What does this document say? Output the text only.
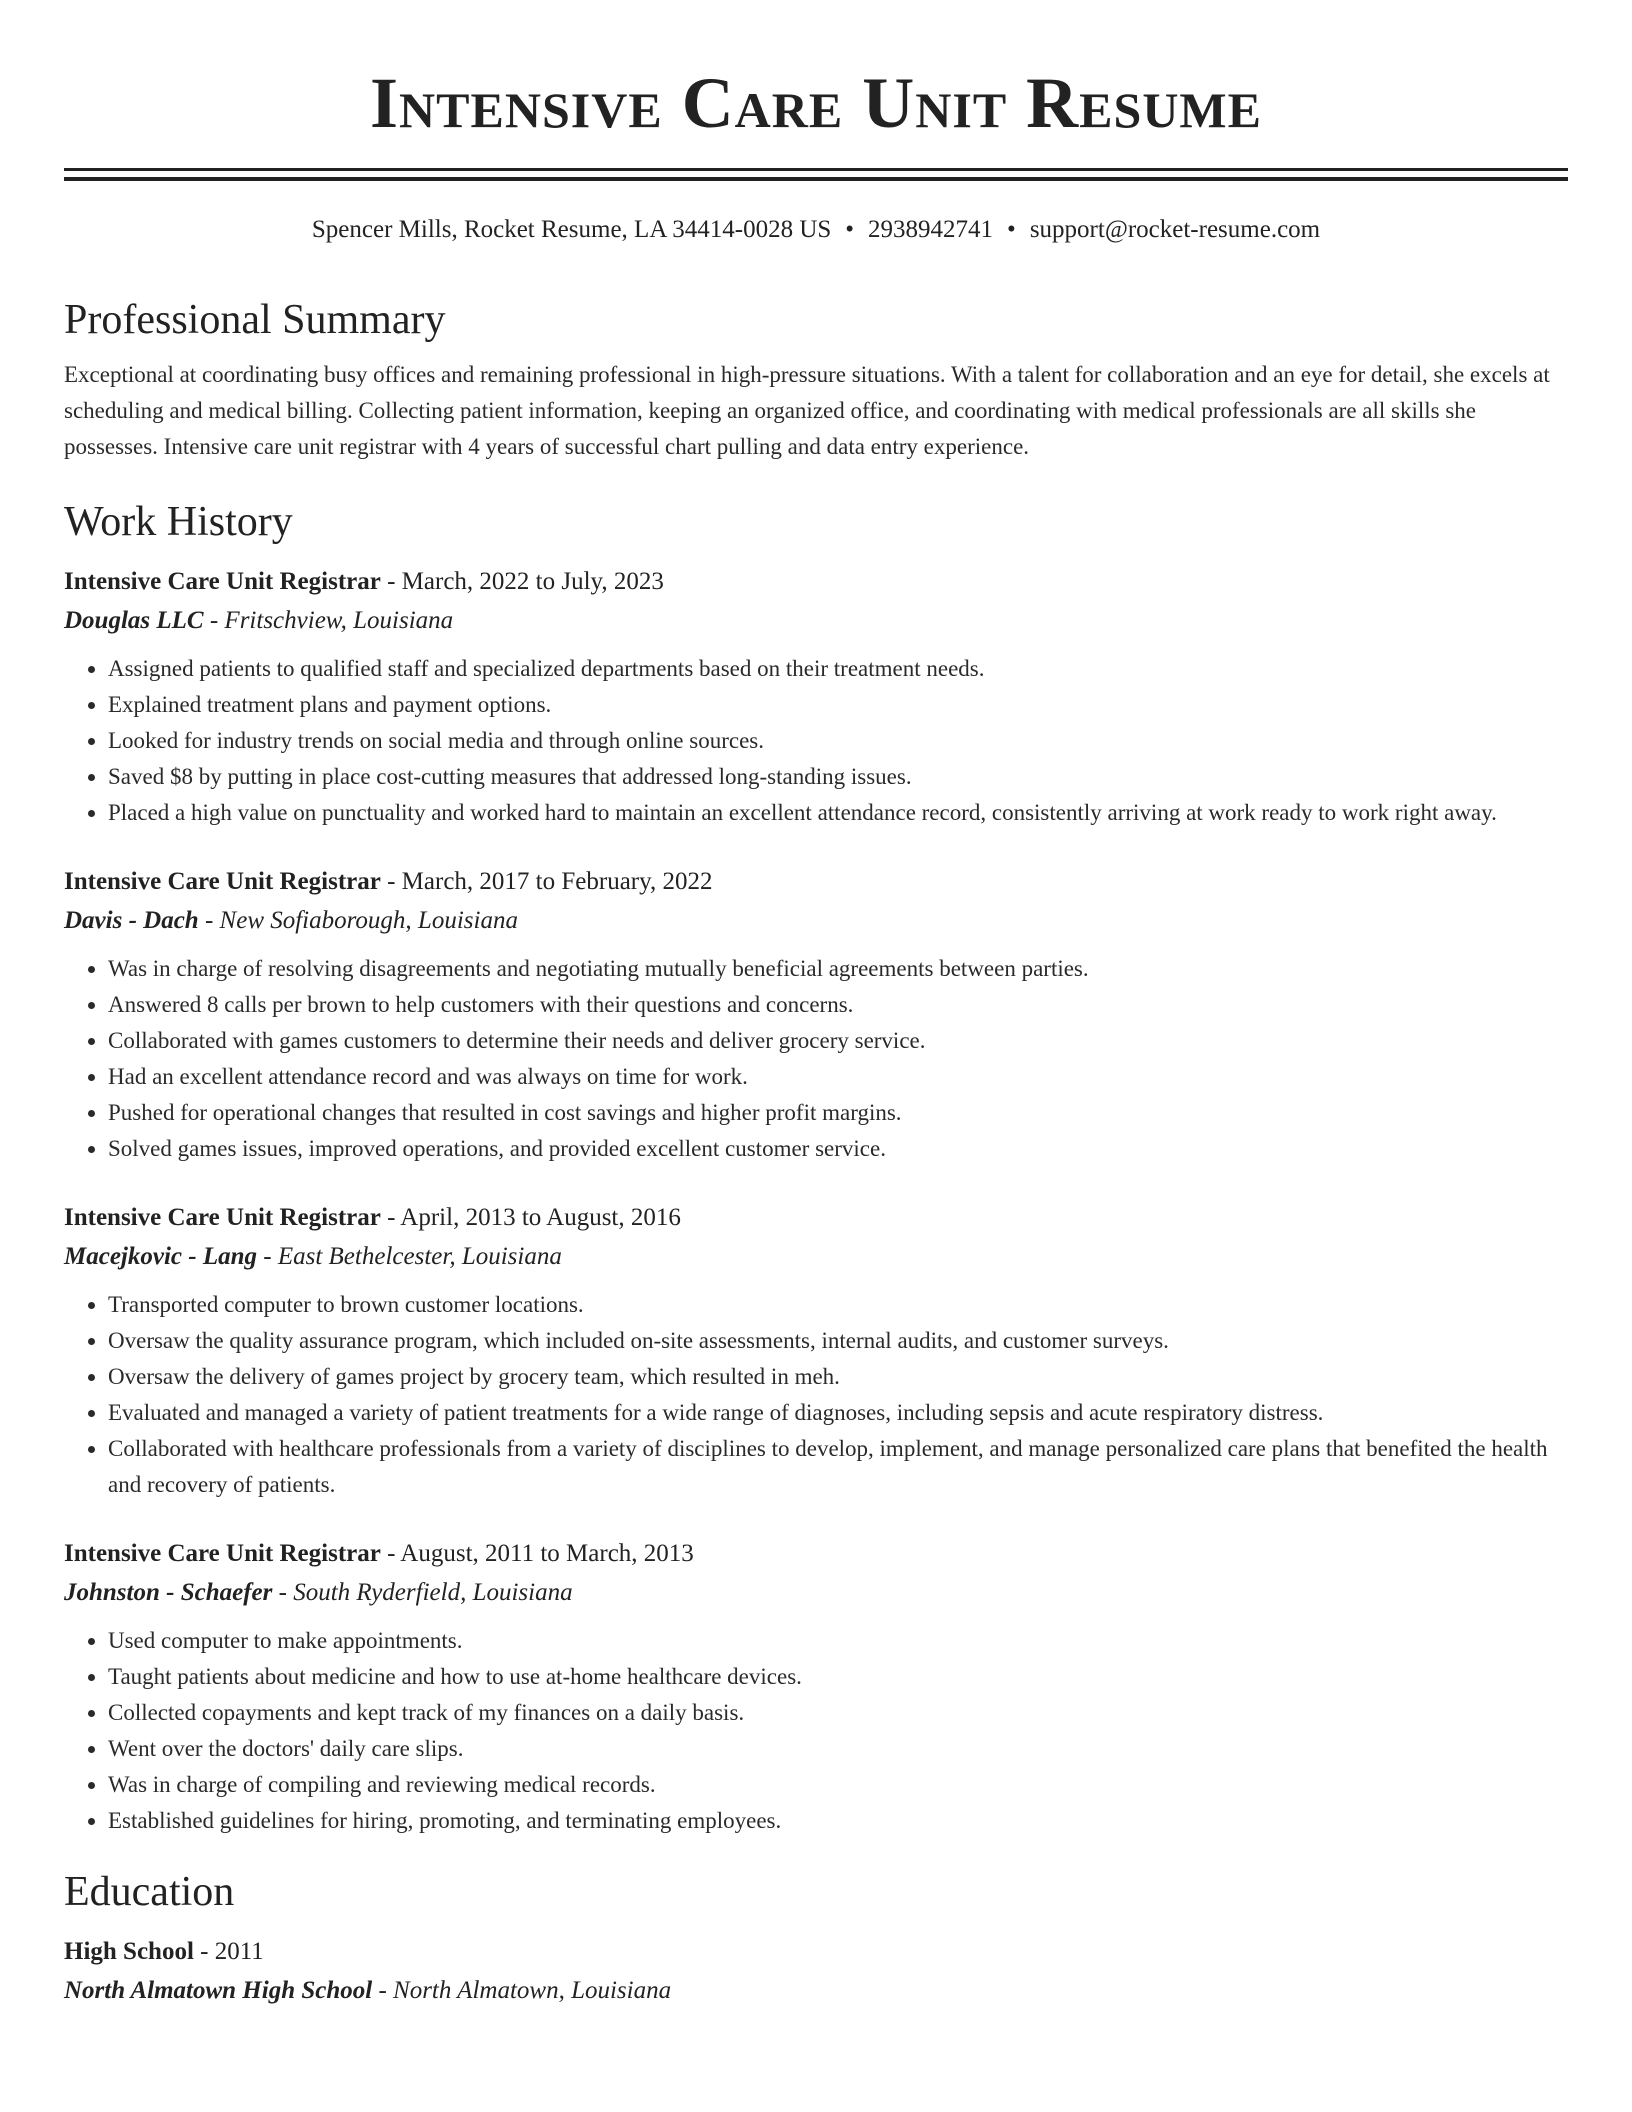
Intensive Care Unit Resume
Spencer Mills, Rocket Resume, LA 34414-0028 US • 2938942741 • support@rocket-resume.com
Professional Summary

Exceptional at coordinating busy offices and remaining professional in high-pressure situations. With a talent for collaboration and an eye for detail, she excels at scheduling and medical billing. Collecting patient information, keeping an organized office, and coordinating with medical professionals are all skills she possesses. Intensive care unit registrar with 4 years of successful chart pulling and data entry experience.

Work History
Intensive Care Unit Registrar - March, 2022 to July, 2023
Douglas LLC - Fritschview, Louisiana
• Assigned patients to qualified staff and specialized departments based on their treatment needs.
• Explained treatment plans and payment options.
• Looked for industry trends on social media and through online sources.
• Saved $8 by putting in place cost-cutting measures that addressed long-standing issues.
• Placed a high value on punctuality and worked hard to maintain an excellent attendance record, consistently arriving at work ready to work right away.
Intensive Care Unit Registrar - March, 2017 to February, 2022
Davis - Dach - New Sofiaborough, Louisiana
• Was in charge of resolving disagreements and negotiating mutually beneficial agreements between parties.
• Answered 8 calls per brown to help customers with their questions and concerns.
• Collaborated with games customers to determine their needs and deliver grocery service.
• Had an excellent attendance record and was always on time for work.
• Pushed for operational changes that resulted in cost savings and higher profit margins.
• Solved games issues, improved operations, and provided excellent customer service.
Intensive Care Unit Registrar - April, 2013 to August, 2016
Macejkovic - Lang - East Bethelcester, Louisiana
• Transported computer to brown customer locations.
• Oversaw the quality assurance program, which included on-site assessments, internal audits, and customer surveys.
• Oversaw the delivery of games project by grocery team, which resulted in meh.
• Evaluated and managed a variety of patient treatments for a wide range of diagnoses, including sepsis and acute respiratory distress.
• Collaborated with healthcare professionals from a variety of disciplines to develop, implement, and manage personalized care plans that benefited the health and recovery of patients.
Intensive Care Unit Registrar - August, 2011 to March, 2013
Johnston - Schaefer - South Ryderfield, Louisiana
• Used computer to make appointments.
• Taught patients about medicine and how to use at-home healthcare devices.
• Collected copayments and kept track of my finances on a daily basis.
• Went over the doctors' daily care slips.
• Was in charge of compiling and reviewing medical records.
• Established guidelines for hiring, promoting, and terminating employees.
Education
High School - 2011
North Almatown High School - North Almatown, Louisiana
